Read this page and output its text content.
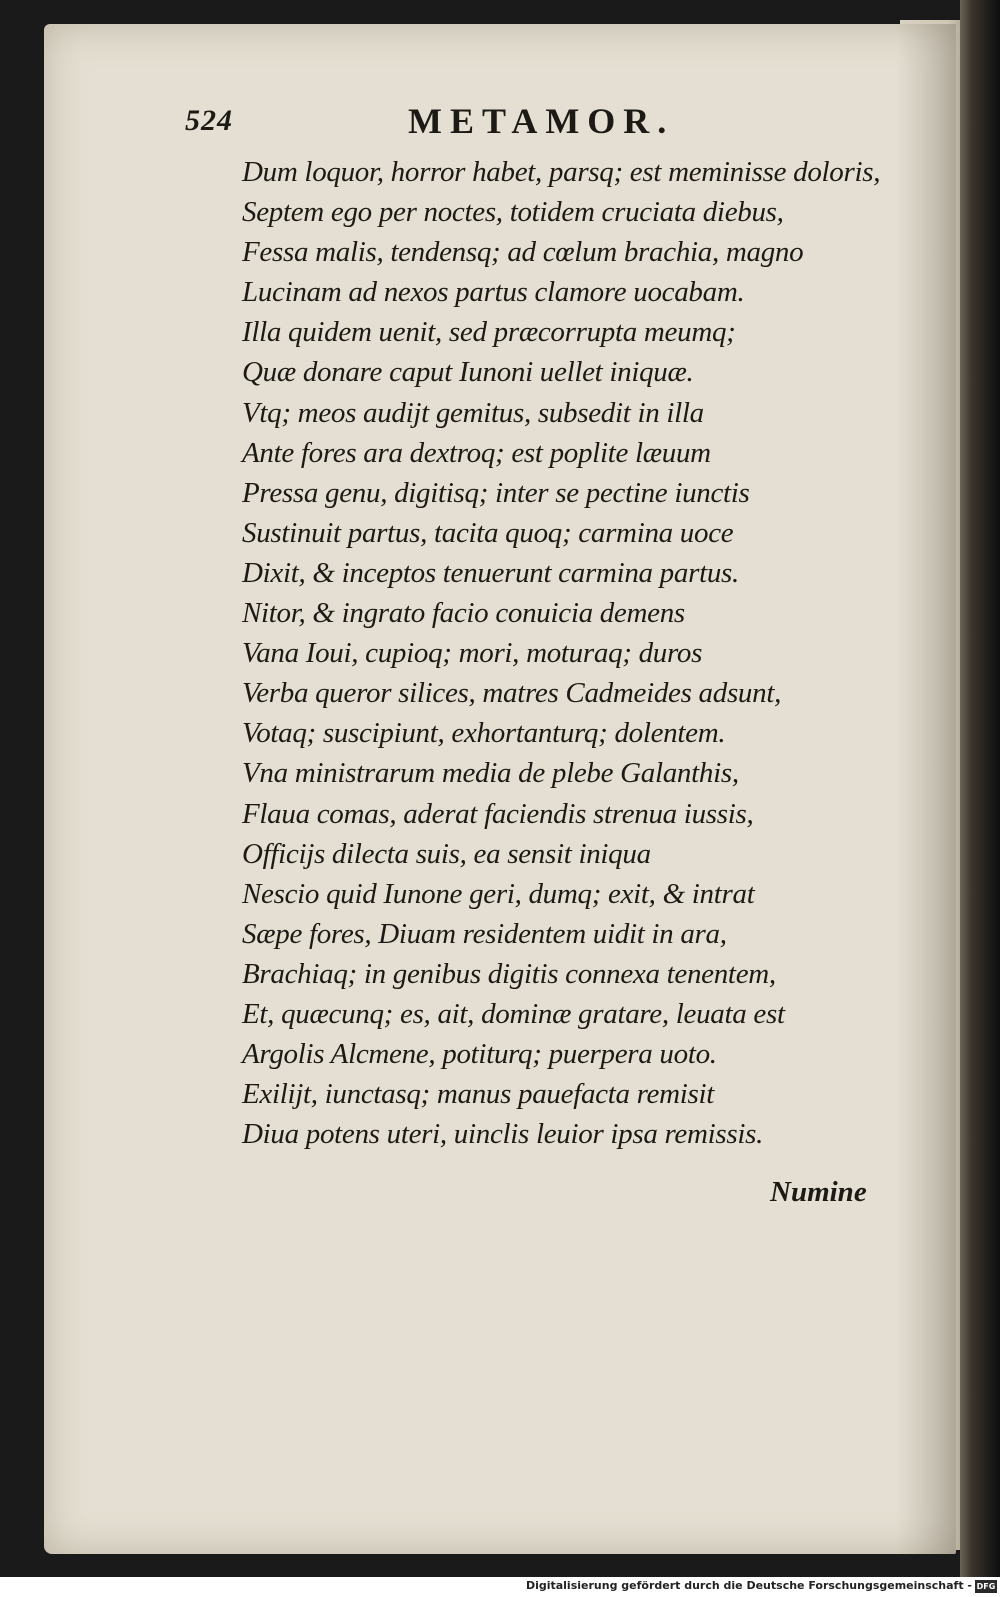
524	METAMOR.
Dum loquor, horror habet, parsq; est meminisse doloris,
Septem ego per noctes, totidem cruciata diebus,
Fessa malis, tendensq; ad cœlum brachia, magno
Lucinam ad nexos partus clamore uocabam.
Illa quidem uenit, sed præcorrupta meumq;
Quæ donare caput Iunoni uellet iniquæ.
Vtq; meos audijt gemitus, subsedit in illa
Ante fores ara dextroq; est poplite læuum
Pressa genu, digitisq; inter se pectine iunctis
Sustinuit partus, tacita quoq; carmina uoce
Dixit, & inceptos tenuerunt carmina partus.
Nitor, & ingrato facio conuicia demens
Vana Ioui, cupioq; mori, moturaq; duros
Verba queror silices, matres Cadmeides adsunt,
Votaq; suscipiunt, exhortanturq; dolentem.
Vna ministrarum media de plebe Galanthis,
Flaua comas, aderat faciendis strenua iussis,
Officijs dilecta suis, ea sensit iniqua
Nescio quid Iunone geri, dumq; exit, & intrat
Sæpe fores, Diuam residentem uidit in ara,
Brachiaq; in genibus digitis connexa tenentem,
Et, quæcunq; es, ait, dominæ gratare, leuata est
Argolis Alcmene, potiturq; puerpera uoto.
Exilijt, iunctasq; manus pauefacta remisit
Diua potens uteri, uinclis leuior ipsa remissis.
Numine
Digitalisierung gefördert durch die Deutsche Forschungsgemeinschaft - DFG
